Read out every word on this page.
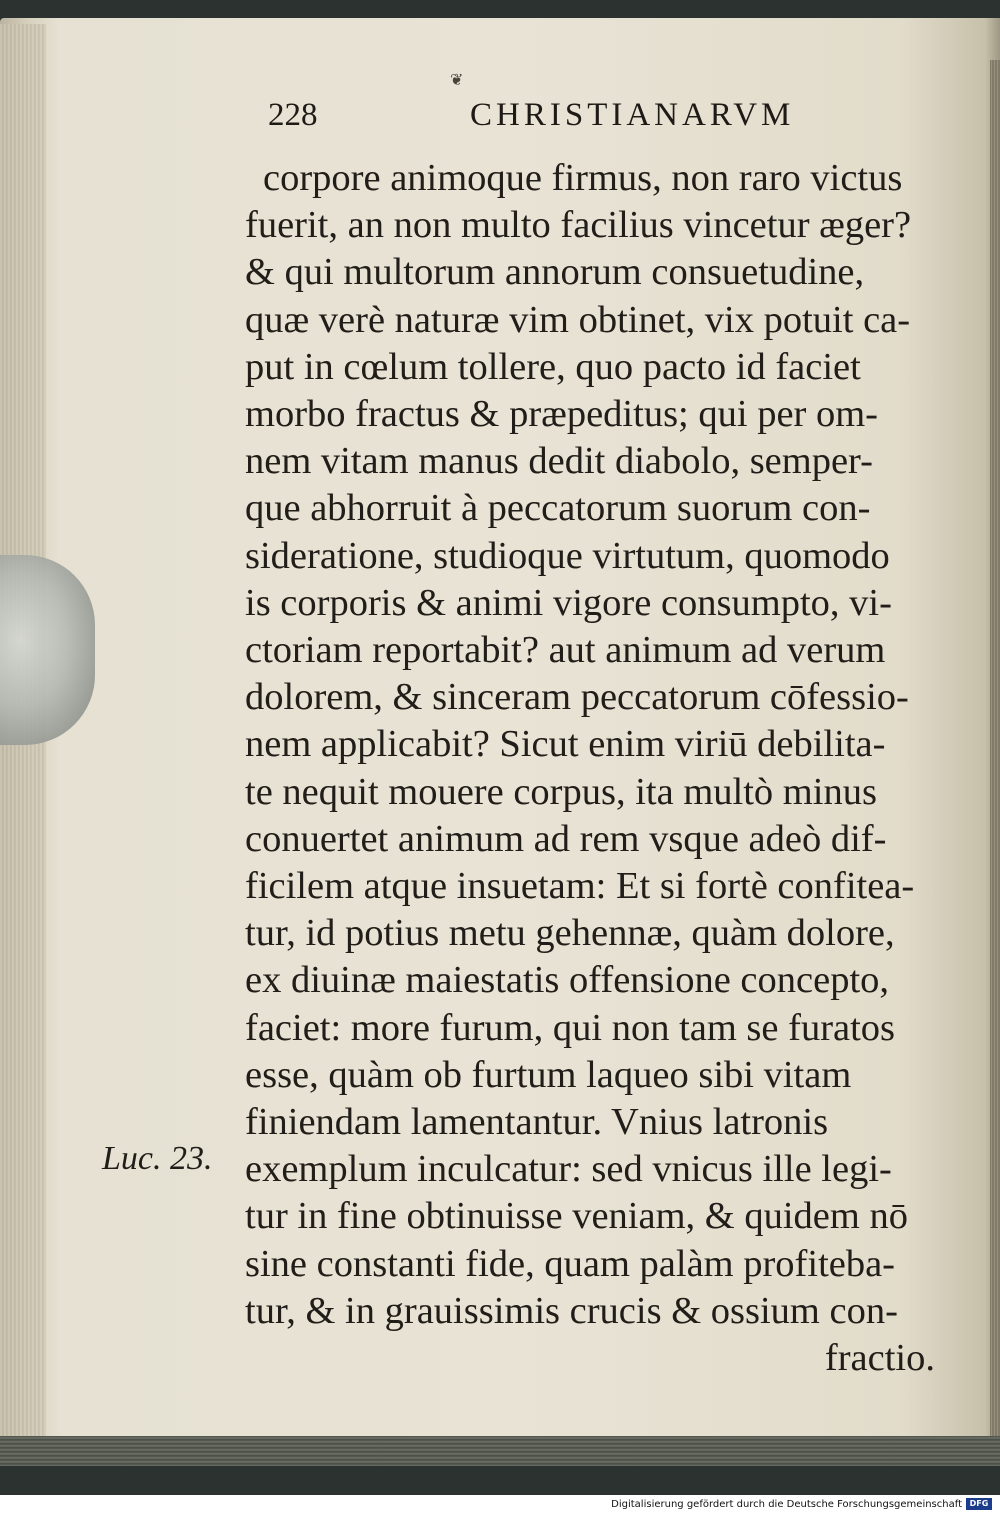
228	CHRISTIANARVM
❦
corpore animoque firmus, non raro victus
fuerit, an non multo facilius vincetur æger?
& qui multorum annorum consuetudine,
quæ verè naturæ vim obtinet, vix potuit ca-
put in cœlum tollere, quo pacto id faciet
morbo fractus & præpeditus; qui per om-
nem vitam manus dedit diabolo, semper-
que abhorruit à peccatorum suorum con-
sideratione, studioque virtutum, quomodo
is corporis & animi vigore consumpto, vi-
ctoriam reportabit? aut animum ad verum
dolorem, & sinceram peccatorum cōfessio-
nem applicabit? Sicut enim viriū debilita-
te nequit mouere corpus, ita multò minus
conuertet animum ad rem vsque adeò dif-
ficilem atque insuetam: Et si fortè confitea-
tur, id potius metu gehennæ, quàm dolore,
ex diuinæ maiestatis offensione concepto,
faciet: more furum, qui non tam se furatos
esse, quàm ob furtum laqueo sibi vitam
finiendam lamentantur. Vnius latronis
exemplum inculcatur: sed vnicus ille legi-
tur in fine obtinuisse veniam, & quidem nō
sine constanti fide, quam palàm profiteba-
tur, & in grauissimis crucis & ossium con-
fractio.
Luc. 23.
Digitalisierung gefördert durch die Deutsche Forschungsgemeinschaft DFG
